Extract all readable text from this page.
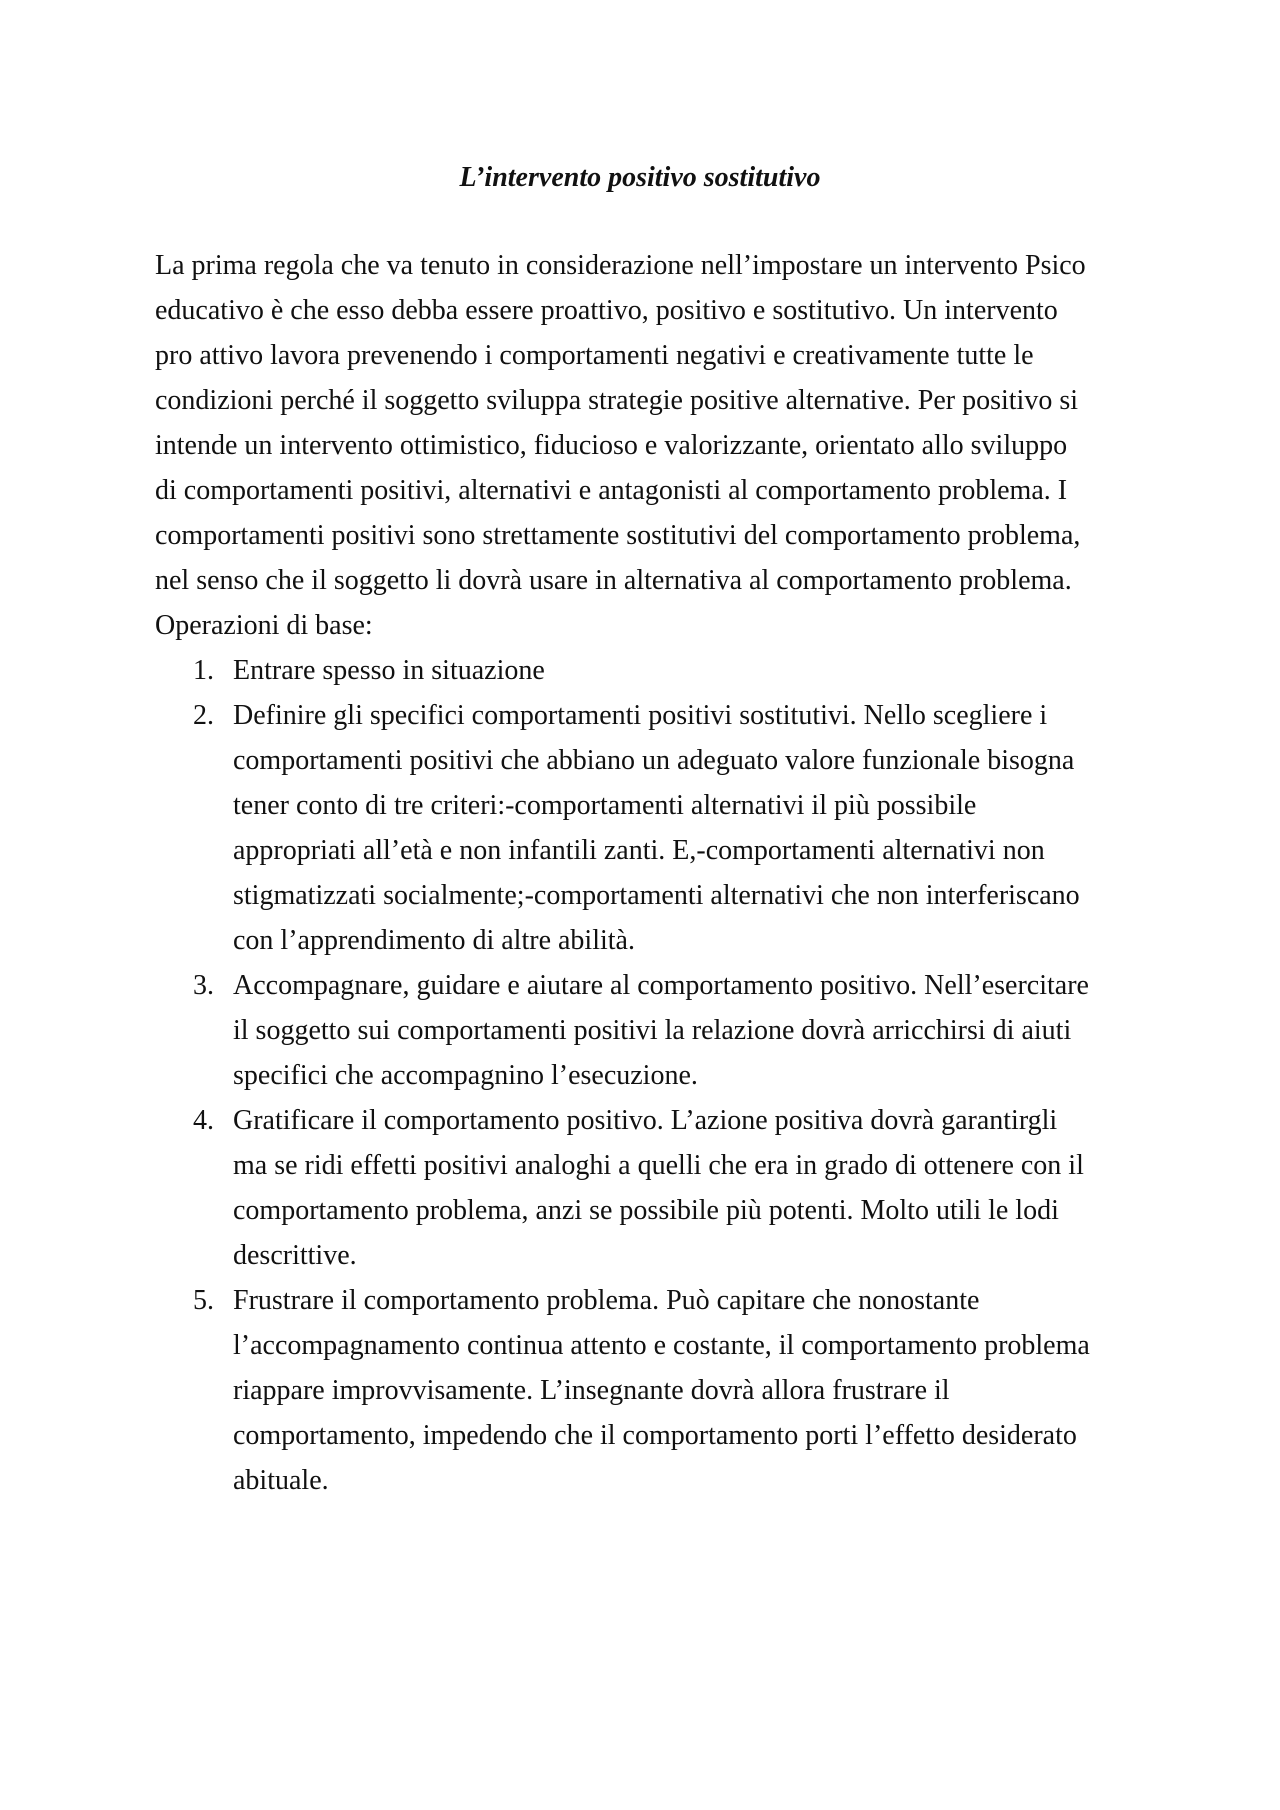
L’intervento positivo sostitutivo

La prima regola che va tenuto in considerazione nell’impostare un intervento Psico educativo è che esso debba essere proattivo, positivo e sostitutivo. Un intervento pro attivo lavora prevenendo i comportamenti negativi e creativamente tutte le condizioni perché il soggetto sviluppa strategie positive alternative. Per positivo si intende un intervento ottimistico, fiducioso e valorizzante, orientato allo sviluppo di comportamenti positivi, alternativi e antagonisti al comportamento problema. I comportamenti positivi sono strettamente sostitutivi del comportamento problema, nel senso che il soggetto li dovrà usare in alternativa al comportamento problema.

Operazioni di base:

1. Entrare spesso in situazione
2. Definire gli specifici comportamenti positivi sostitutivi. Nello scegliere i comportamenti positivi che abbiano un adeguato valore funzionale bisogna tener conto di tre criteri:-comportamenti alternativi il più possibile appropriati all’età e non infantili zanti. E,-comportamenti alternativi non stigmatizzati socialmente;-comportamenti alternativi che non interferiscano con l’apprendimento di altre abilità.
3. Accompagnare, guidare e aiutare al comportamento positivo. Nell’esercitare il soggetto sui comportamenti positivi la relazione dovrà arricchirsi di aiuti specifici che accompagnino l’esecuzione.
4. Gratificare il comportamento positivo. L’azione positiva dovrà garantirgli ma se ridi effetti positivi analoghi a quelli che era in grado di ottenere con il comportamento problema, anzi se possibile più potenti. Molto utili le lodi descrittive.
5. Frustrare il comportamento problema. Può capitare che nonostante l’accompagnamento continua attento e costante, il comportamento problema riappare improvvisamente. L’insegnante dovrà allora frustrare il comportamento, impedendo che il comportamento porti l’effetto desiderato abituale.
